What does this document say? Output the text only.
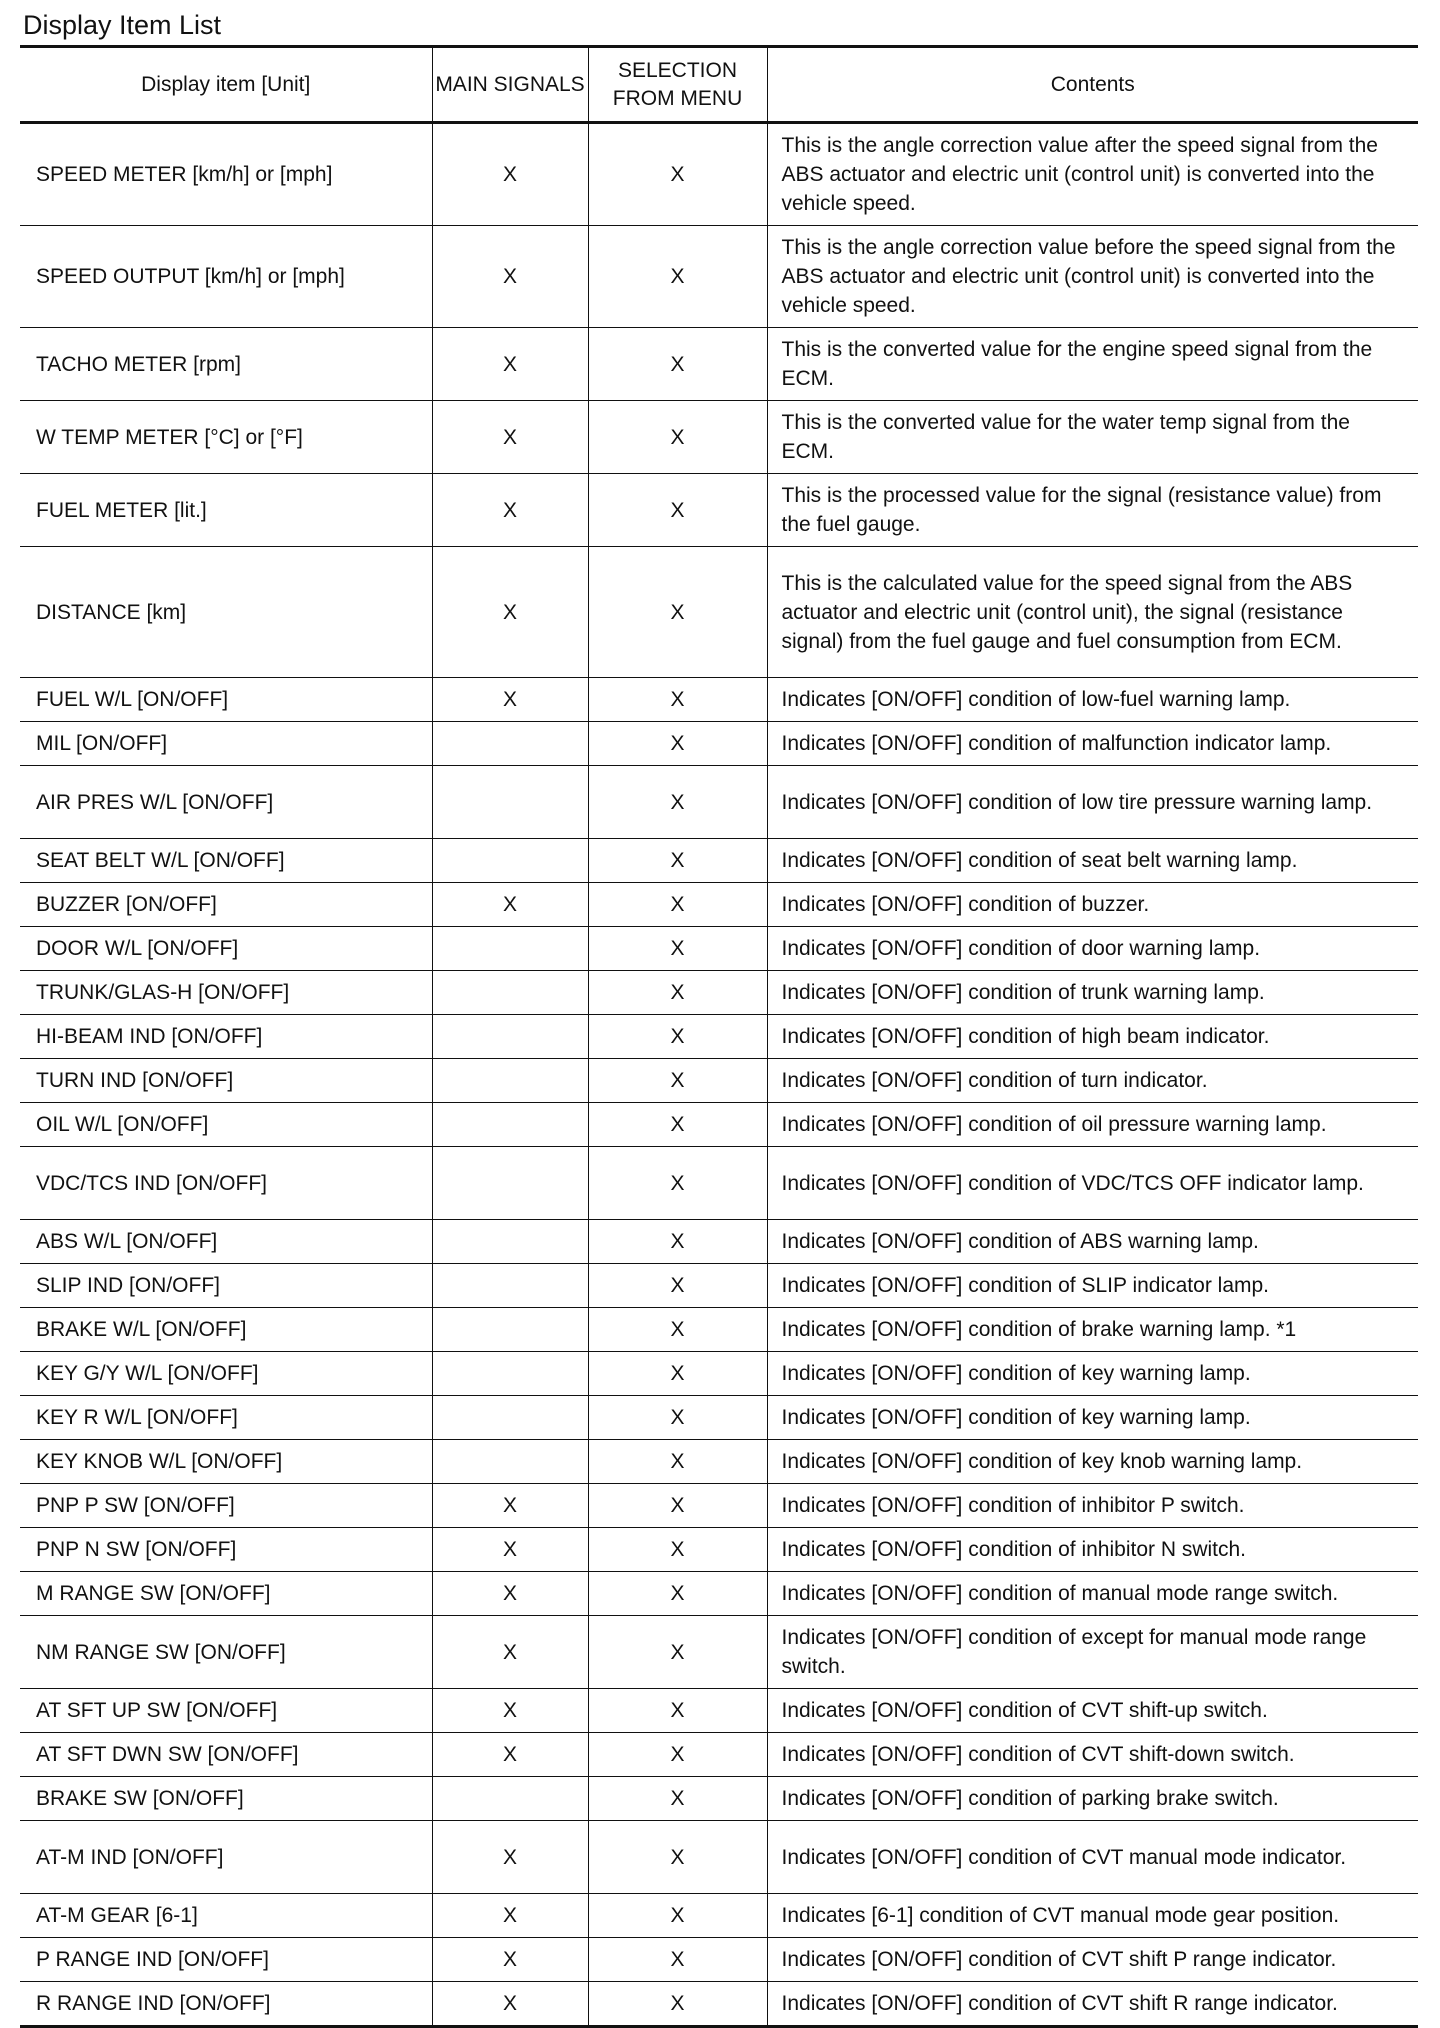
Display Item List
Display item [Unit]	MAIN SIGNALS	SELECTION FROM MENU	Contents
SPEED METER [km/h] or [mph]	X	X	This is the angle correction value after the speed signal from the ABS actuator and electric unit (control unit) is converted into the vehicle speed.
SPEED OUTPUT [km/h] or [mph]	X	X	This is the angle correction value before the speed signal from the ABS actuator and electric unit (control unit) is converted into the vehicle speed.
TACHO METER [rpm]	X	X	This is the converted value for the engine speed signal from the ECM.
W TEMP METER [°C] or [°F]	X	X	This is the converted value for the water temp signal from the ECM.
FUEL METER [lit.]	X	X	This is the processed value for the signal (resistance value) from the fuel gauge.
DISTANCE [km]	X	X	This is the calculated value for the speed signal from the ABS actuator and electric unit (control unit), the signal (resistance signal) from the fuel gauge and fuel consumption from ECM.
FUEL W/L [ON/OFF]	X	X	Indicates [ON/OFF] condition of low-fuel warning lamp.
MIL [ON/OFF]		X	Indicates [ON/OFF] condition of malfunction indicator lamp.
AIR PRES W/L [ON/OFF]		X	Indicates [ON/OFF] condition of low tire pressure warning lamp.
SEAT BELT W/L [ON/OFF]		X	Indicates [ON/OFF] condition of seat belt warning lamp.
BUZZER [ON/OFF]	X	X	Indicates [ON/OFF] condition of buzzer.
DOOR W/L [ON/OFF]		X	Indicates [ON/OFF] condition of door warning lamp.
TRUNK/GLAS-H [ON/OFF]		X	Indicates [ON/OFF] condition of trunk warning lamp.
HI-BEAM IND [ON/OFF]		X	Indicates [ON/OFF] condition of high beam indicator.
TURN IND [ON/OFF]		X	Indicates [ON/OFF] condition of turn indicator.
OIL W/L [ON/OFF]		X	Indicates [ON/OFF] condition of oil pressure warning lamp.
VDC/TCS IND [ON/OFF]		X	Indicates [ON/OFF] condition of VDC/TCS OFF indicator lamp.
ABS W/L [ON/OFF]		X	Indicates [ON/OFF] condition of ABS warning lamp.
SLIP IND [ON/OFF]		X	Indicates [ON/OFF] condition of SLIP indicator lamp.
BRAKE W/L [ON/OFF]		X	Indicates [ON/OFF] condition of brake warning lamp. *1
KEY G/Y W/L [ON/OFF]		X	Indicates [ON/OFF] condition of key warning lamp.
KEY R W/L [ON/OFF]		X	Indicates [ON/OFF] condition of key warning lamp.
KEY KNOB W/L [ON/OFF]		X	Indicates [ON/OFF] condition of key knob warning lamp.
PNP P SW [ON/OFF]	X	X	Indicates [ON/OFF] condition of inhibitor P switch.
PNP N SW [ON/OFF]	X	X	Indicates [ON/OFF] condition of inhibitor N switch.
M RANGE SW [ON/OFF]	X	X	Indicates [ON/OFF] condition of manual mode range switch.
NM RANGE SW [ON/OFF]	X	X	Indicates [ON/OFF] condition of except for manual mode range switch.
AT SFT UP SW [ON/OFF]	X	X	Indicates [ON/OFF] condition of CVT shift-up switch.
AT SFT DWN SW [ON/OFF]	X	X	Indicates [ON/OFF] condition of CVT shift-down switch.
BRAKE SW [ON/OFF]		X	Indicates [ON/OFF] condition of parking brake switch.
AT-M IND [ON/OFF]	X	X	Indicates [ON/OFF] condition of CVT manual mode indicator.
AT-M GEAR [6-1]	X	X	Indicates [6-1] condition of CVT manual mode gear position.
P RANGE IND [ON/OFF]	X	X	Indicates [ON/OFF] condition of CVT shift P range indicator.
R RANGE IND [ON/OFF]	X	X	Indicates [ON/OFF] condition of CVT shift R range indicator.
